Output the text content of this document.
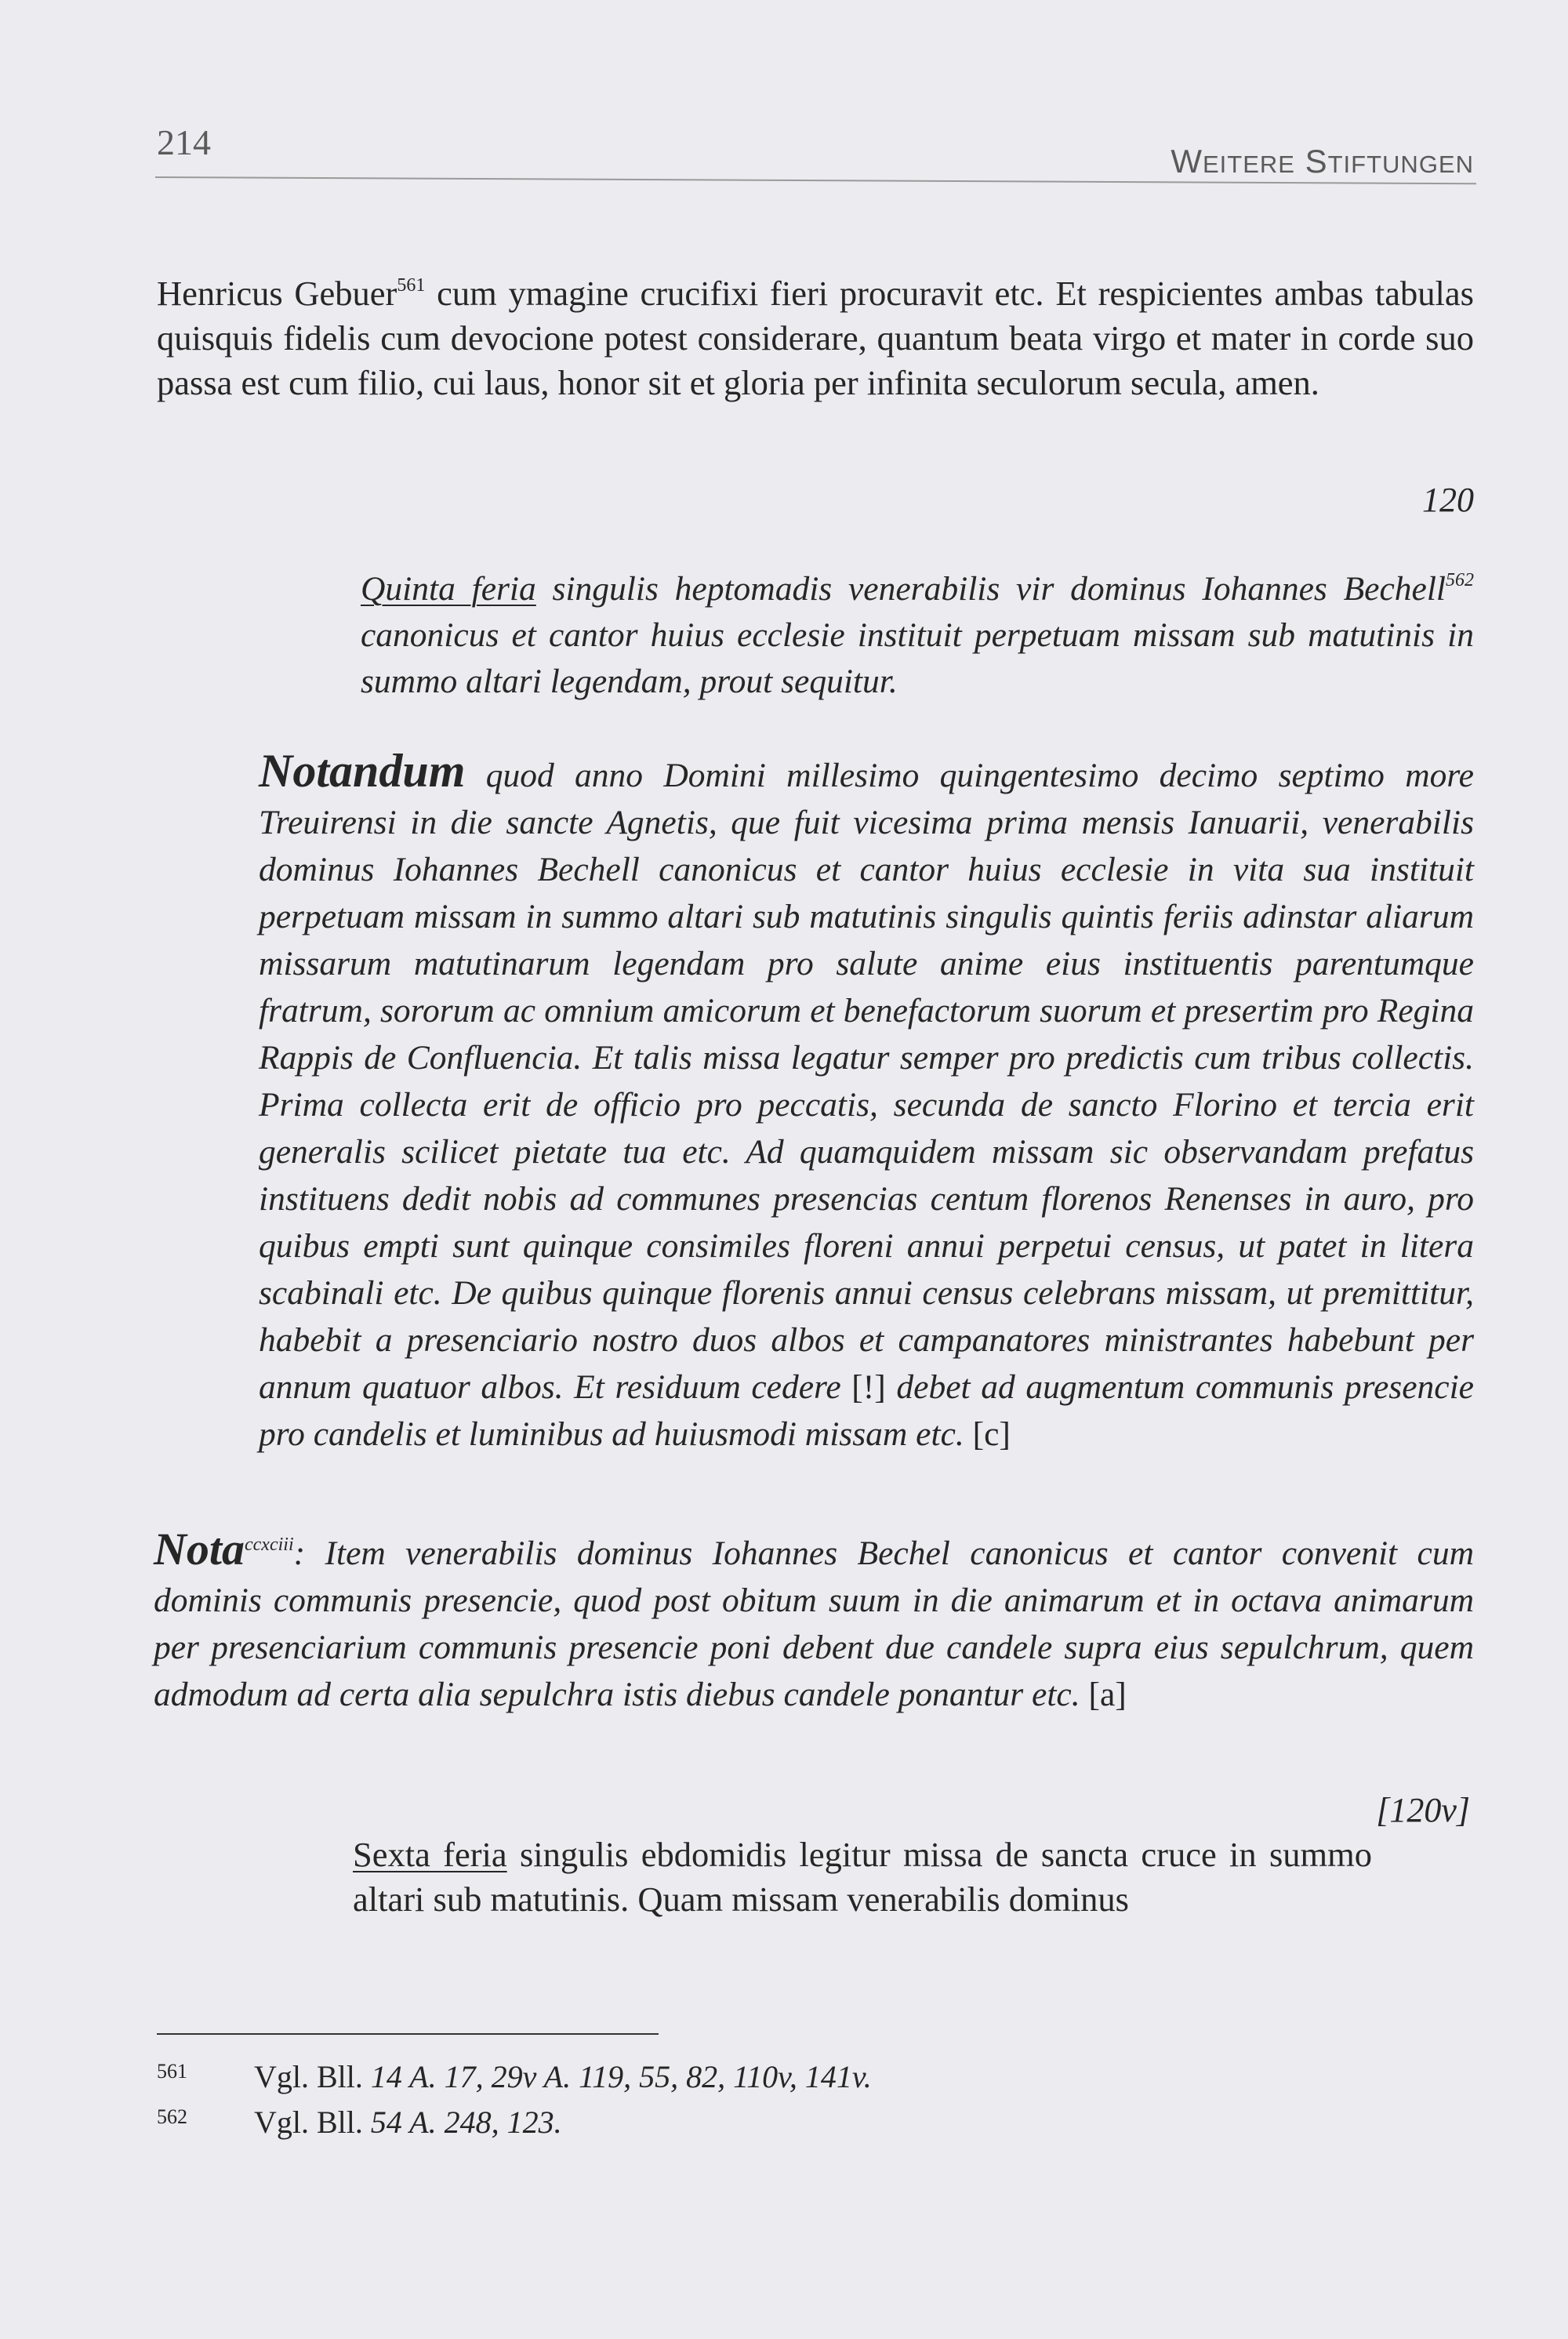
214	WEITERE STIFTUNGEN

Henricus Gebuer$^{561}$ cum ymagine crucifixi fieri procuravit etc. Et respicientes ambas tabulas quisquis fidelis cum devocione potest considerare, quantum beata virgo et mater in corde suo passa est cum filio, cui laus, honor sit et gloria per infinita seculorum secula, amen.

120

Quinta feria singulis heptomadis venerabilis vir dominus Iohannes Bechell$^{562}$ canonicus et cantor huius ecclesie instituit perpetuam missam sub matutinis in summo altari legendam, prout sequitur.

Notandum quod anno Domini millesimo quingentesimo decimo septimo more Treuirensi in die sancte Agnetis, que fuit vicesima prima mensis Ianuarii, venerabilis dominus Iohannes Bechell canonicus et cantor huius ecclesie in vita sua instituit perpetuam missam in summo altari sub matutinis singulis quintis feriis adinstar aliarum missarum matutinarum legendam pro salute anime eius instituentis parentumque fratrum, sororum ac omnium amicorum et benefactorum suorum et presertim pro Regina Rappis de Confluencia. Et talis missa legatur semper pro predictis cum tribus collectis. Prima collecta erit de officio pro peccatis, secunda de sancto Florino et tercia erit generalis scilicet pietate tua etc. Ad quamquidem missam sic observandam prefatus instituens dedit nobis ad communes presencias centum florenos Renenses in auro, pro quibus empti sunt quinque consimiles floreni annui perpetui census, ut patet in litera scabinali etc. De quibus quinque florenis annui census celebrans missam, ut premittitur, habebit a presenciario nostro duos albos et campanatores ministrantes habebunt per annum quatuor albos. Et residuum cedere [!] debet ad augmentum communis presencie pro candelis et luminibus ad huiusmodi missam etc. [c]

Nota$^{ccxciii}$: Item venerabilis dominus Iohannes Bechel canonicus et cantor convenit cum dominis communis presencie, quod post obitum suum in die animarum et in octava animarum per presenciarium communis presencie poni debent due candele supra eius sepulchrum, quem admodum ad certa alia sepulchra istis diebus candele ponantur etc. [a]

[120v]

Sexta feria singulis ebdomidis legitur missa de sancta cruce in summo altari sub matutinis. Quam missam venerabilis dominus

561 Vgl. Bll. 14 A. 17, 29v A. 119, 55, 82, 110v, 141v.
562 Vgl. Bll. 54 A. 248, 123.
